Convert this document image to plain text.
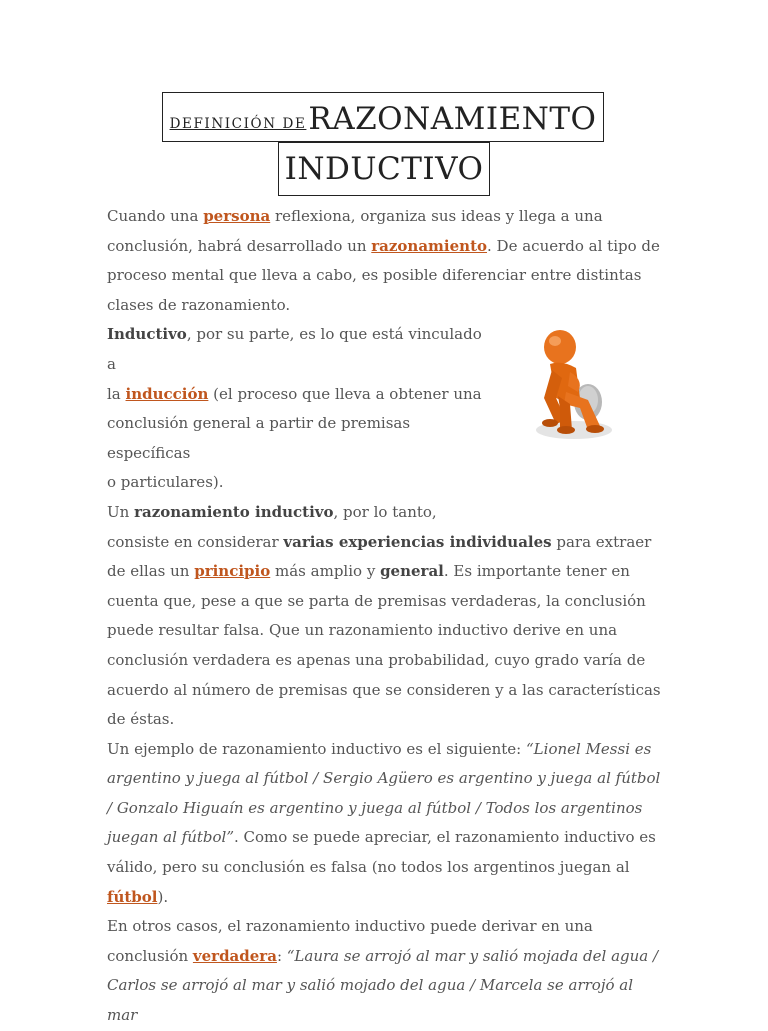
DEFINICIÓN DE RAZONAMIENTO
INDUCTIVO

Cuando una persona reflexiona, organiza sus ideas y llega a una conclusión, habrá desarrollado un razonamiento. De acuerdo al tipo de proceso mental que lleva a cabo, es posible diferenciar entre distintas clases de razonamiento.

Inductivo, por su parte, es lo que está vinculado a
la inducción (el proceso que lleva a obtener una
conclusión general a partir de premisas específicas
o particulares).

Un razonamiento inductivo, por lo tanto,
consiste en considerar varias experiencias individuales para extraer de ellas un principio más amplio y general. Es importante tener en cuenta que, pese a que se parta de premisas verdaderas, la conclusión puede resultar falsa. Que un razonamiento inductivo derive en una conclusión verdadera es apenas una probabilidad, cuyo grado varía de acuerdo al número de premisas que se consideren y a las características de éstas.

Un ejemplo de razonamiento inductivo es el siguiente: “Lionel Messi es argentino y juega al fútbol / Sergio Agüero es argentino y juega al fútbol / Gonzalo Higuaín es argentino y juega al fútbol / Todos los argentinos juegan al fútbol”. Como se puede apreciar, el razonamiento inductivo es válido, pero su conclusión es falsa (no todos los argentinos juegan al fútbol).

En otros casos, el razonamiento inductivo puede derivar en una
conclusión verdadera: “Laura se arrojó al mar y salió mojada del agua / Carlos se arrojó al mar y salió mojado del agua / Marcela se arrojó al mar
